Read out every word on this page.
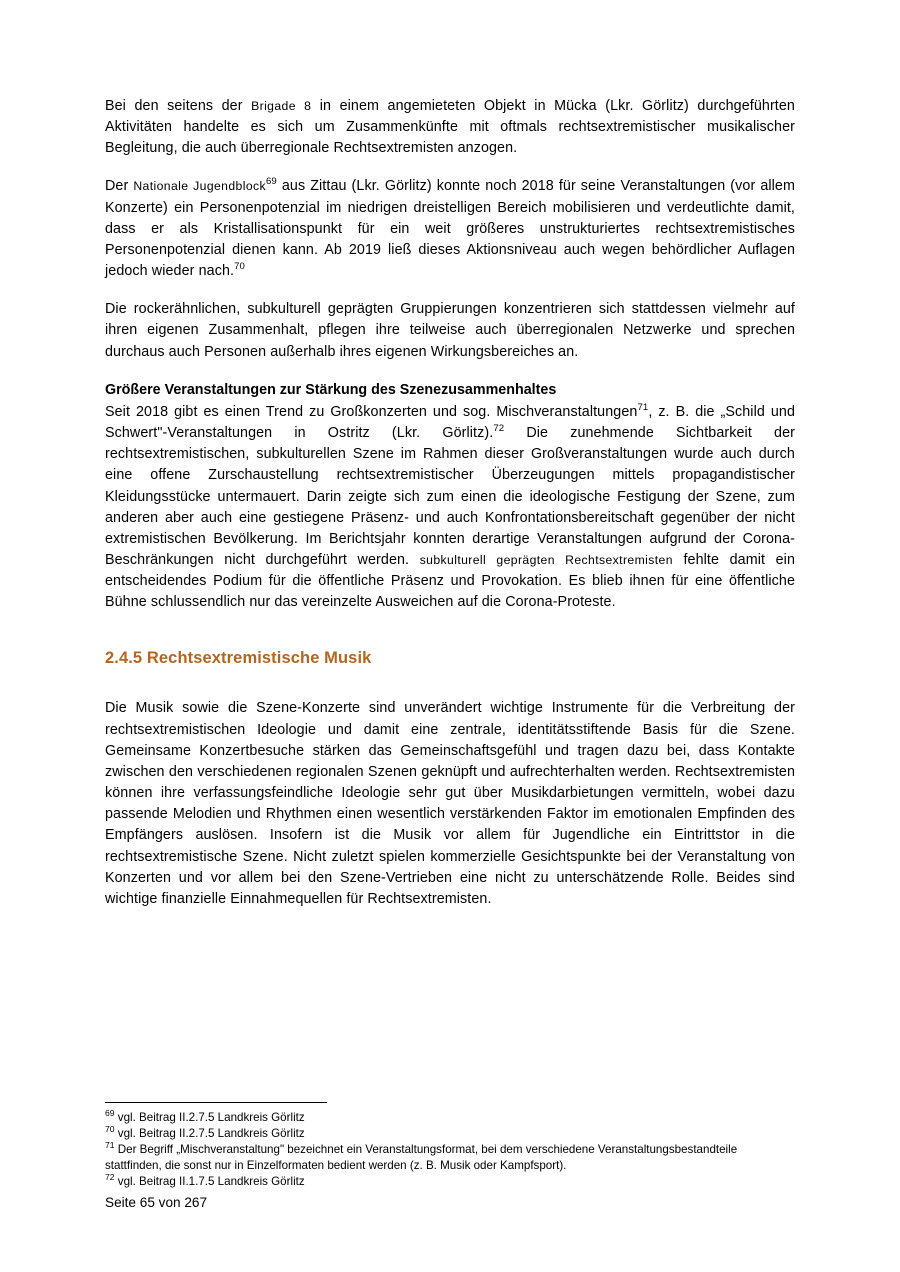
Bei den seitens der Brigade 8 in einem angemieteten Objekt in Mücka (Lkr. Görlitz) durchgeführten Aktivitäten handelte es sich um Zusammenkünfte mit oftmals rechtsextremistischer musikalischer Begleitung, die auch überregionale Rechtsextremisten anzogen.

Der Nationale Jugendblock$^{69}$ aus Zittau (Lkr. Görlitz) konnte noch 2018 für seine Veranstaltungen (vor allem Konzerte) ein Personenpotenzial im niedrigen dreistelligen Bereich mobilisieren und verdeutlichte damit, dass er als Kristallisationspunkt für ein weit größeres unstrukturiertes rechtsextremistisches Personenpotenzial dienen kann. Ab 2019 ließ dieses Aktionsniveau auch wegen behördlicher Auflagen jedoch wieder nach.$^{70}$

Die rockerähnlichen, subkulturell geprägten Gruppierungen konzentrieren sich stattdessen vielmehr auf ihren eigenen Zusammenhalt, pflegen ihre teilweise auch überregionalen Netzwerke und sprechen durchaus auch Personen außerhalb ihres eigenen Wirkungsbereiches an.

Größere Veranstaltungen zur Stärkung des Szenezusammenhaltes

Seit 2018 gibt es einen Trend zu Großkonzerten und sog. Mischveranstaltungen$^{71}$, z. B. die „Schild und Schwert"-Veranstaltungen in Ostritz (Lkr. Görlitz).$^{72}$ Die zunehmende Sichtbarkeit der rechtsextremistischen, subkulturellen Szene im Rahmen dieser Großveranstaltungen wurde auch durch eine offene Zurschaustellung rechtsextremistischer Überzeugungen mittels propagandistischer Kleidungsstücke untermauert. Darin zeigte sich zum einen die ideologische Festigung der Szene, zum anderen aber auch eine gestiegene Präsenz- und auch Konfrontationsbereitschaft gegenüber der nicht extremistischen Bevölkerung. Im Berichtsjahr konnten derartige Veranstaltungen aufgrund der Corona-Beschränkungen nicht durchgeführt werden. subkulturell geprägten Rechtsextremisten fehlte damit ein entscheidendes Podium für die öffentliche Präsenz und Provokation. Es blieb ihnen für eine öffentliche Bühne schlussendlich nur das vereinzelte Ausweichen auf die Corona-Proteste.

2.4.5 Rechtsextremistische Musik

Die Musik sowie die Szene-Konzerte sind unverändert wichtige Instrumente für die Verbreitung der rechtsextremistischen Ideologie und damit eine zentrale, identitätsstiftende Basis für die Szene. Gemeinsame Konzertbesuche stärken das Gemeinschaftsgefühl und tragen dazu bei, dass Kontakte zwischen den verschiedenen regionalen Szenen geknüpft und aufrechterhalten werden. Rechtsextremisten können ihre verfassungsfeindliche Ideologie sehr gut über Musikdarbietungen vermitteln, wobei dazu passende Melodien und Rhythmen einen wesentlich verstärkenden Faktor im emotionalen Empfinden des Empfängers auslösen. Insofern ist die Musik vor allem für Jugendliche ein Eintrittstor in die rechtsextremistische Szene. Nicht zuletzt spielen kommerzielle Gesichtspunkte bei der Veranstaltung von Konzerten und vor allem bei den Szene-Vertrieben eine nicht zu unterschätzende Rolle. Beides sind wichtige finanzielle Einnahmequellen für Rechtsextremisten.

$^{69}$ vgl. Beitrag II.2.7.5 Landkreis Görlitz

$^{70}$ vgl. Beitrag II.2.7.5 Landkreis Görlitz

$^{71}$ Der Begriff „Mischveranstaltung" bezeichnet ein Veranstaltungsformat, bei dem verschiedene Veranstaltungsbestandteile stattfinden, die sonst nur in Einzelformaten bedient werden (z. B. Musik oder Kampfsport).

$^{72}$ vgl. Beitrag II.1.7.5 Landkreis Görlitz

Seite 65 von 267
